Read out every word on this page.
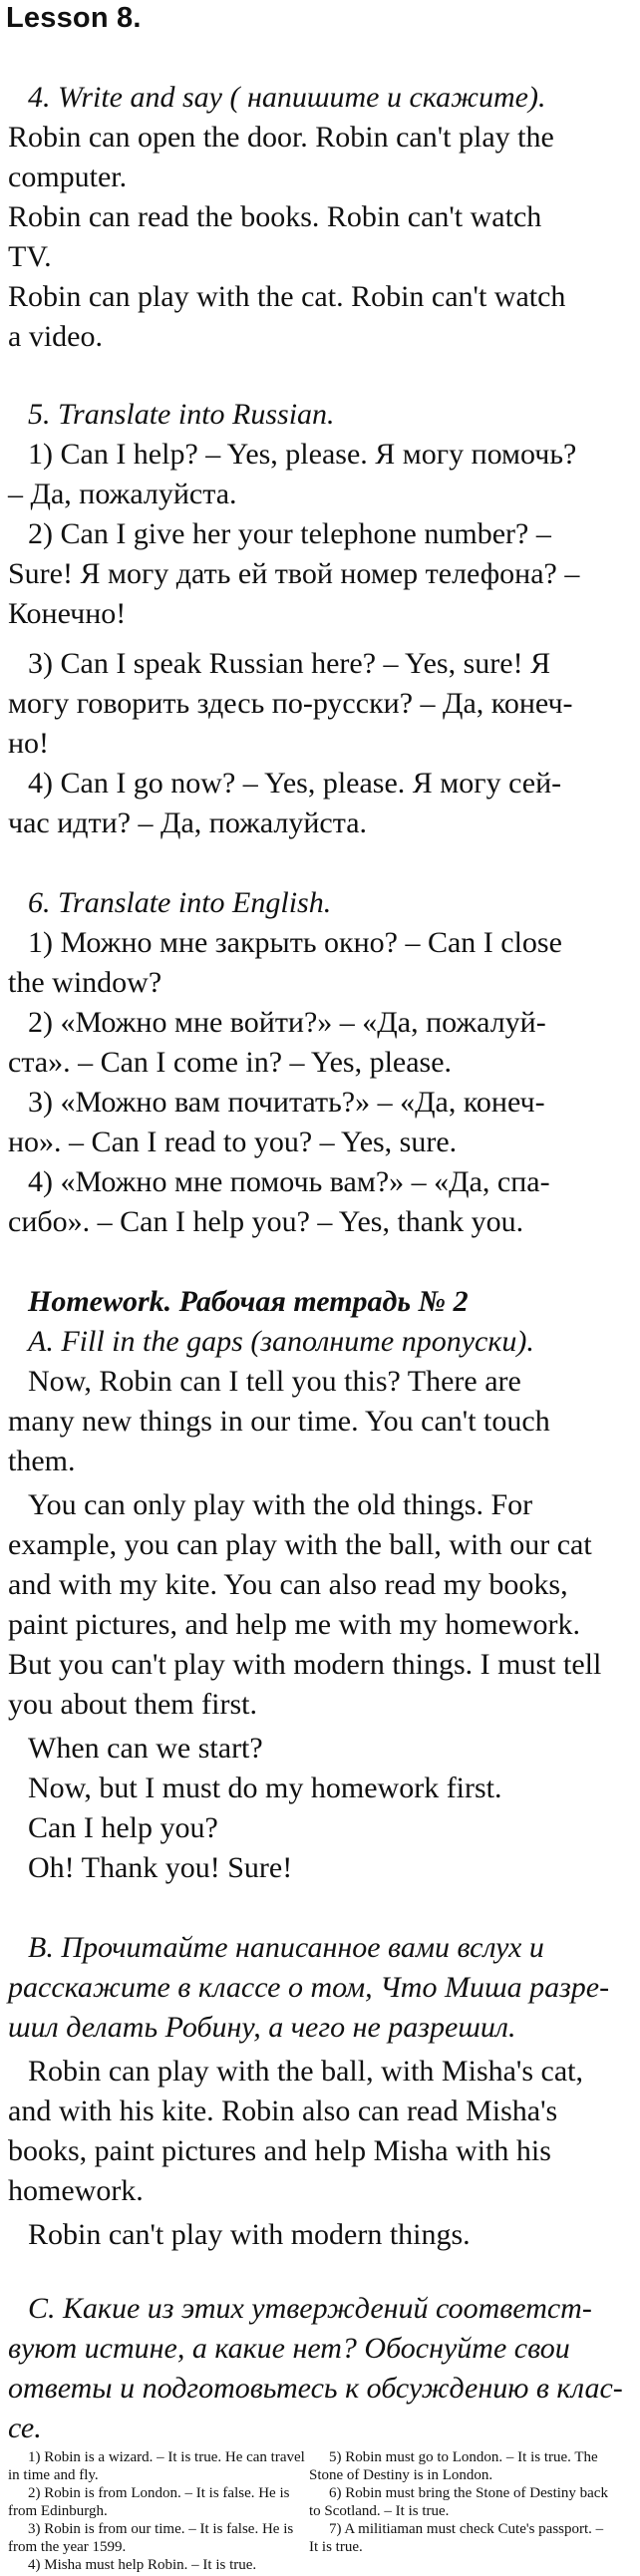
Lesson 8.
4. Write and say ( напишите и скажите).
Robin can open the door. Robin can't play the
computer.
Robin can read the books. Robin can't watch
TV.
Robin can play with the cat. Robin can't watch
a video.
5. Translate into Russian.
1) Can I help? – Yes, please. Я могу помочь?
– Да, пожалуйста.
2) Can I give her your telephone number? –
Sure! Я могу дать ей твой номер телефона? –
Конечно!
3) Can I speak Russian here? – Yes, sure! Я
могу говорить здесь по-русски? – Да, конеч-
но!
4) Can I go now? – Yes, please. Я могу сей-
час идти? – Да, пожалуйста.
6. Translate into English.
1) Можно мне закрыть окно? – Can I close
the window?
2) «Можно мне войти?» – «Да, пожалуй-
ста». – Can I come in? – Yes, please.
3) «Можно вам почитать?» – «Да, конеч-
но». – Can I read to you? – Yes, sure.
4) «Можно мне помочь вам?» – «Да, спа-
сибо». – Can I help you? – Yes, thank you.
Homework. Рабочая тетрадь № 2
A. Fill in the gaps (заполните пропуски).
Now, Robin can I tell you this? There are
many new things in our time. You can't touch
them.
You can only play with the old things. For
example, you can play with the ball, with our cat
and with my kite. You can also read my books,
paint pictures, and help me with my homework.
But you can't play with modern things. I must tell
you about them first.
When can we start?
Now, but I must do my homework first.
Can I help you?
Oh! Thank you! Sure!
B. Прочитайте написанное вами вслух и
расскажите в классе о том, Что Миша разре-
шил делать Робину, а чего не разрешил.
Robin can play with the ball, with Misha's cat,
and with his kite. Robin also can read Misha's
books, paint pictures and help Misha with his
homework.
Robin can't play with modern things.
C. Какие из этих утверждений соответст-
вуют истине, а какие нет? Обоснуйте свои
ответы и подготовьтесь к обсуждению в клас-
се.
1) Robin is a wizard. – It is true. He can travel
in time and fly.
2) Robin is from London. – It is false. He is
from Edinburgh.
3) Robin is from our time. – It is false. He is
from the year 1599.
4) Misha must help Robin. – It is true.
5) Robin must go to London. – It is true. The
Stone of Destiny is in London.
6) Robin must bring the Stone of Destiny back
to Scotland. – It is true.
7) A militiaman must check Cute's passport. –
It is true.
